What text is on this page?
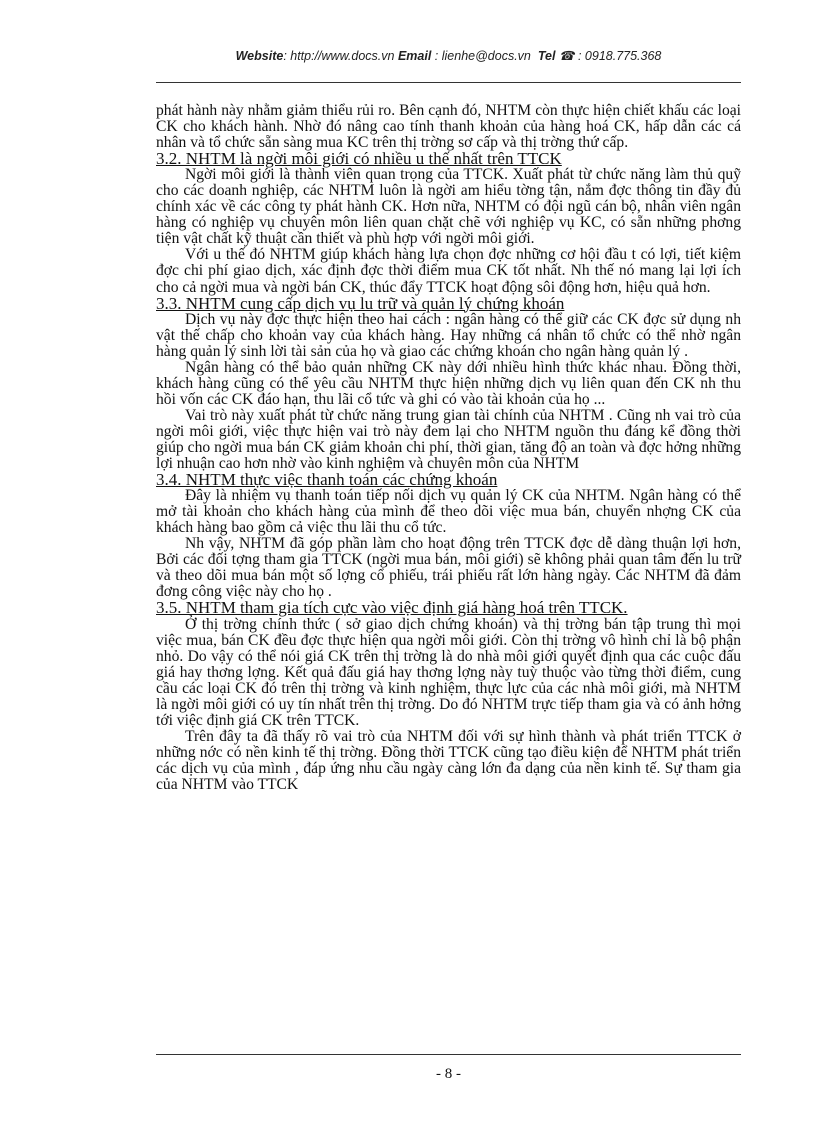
Website: http://www.docs.vn Email : lienhe@docs.vn Tel ☎ : 0918.775.368

phát hành này nhằm giảm thiểu rủi ro. Bên cạnh đó, NHTM còn thực hiện chiết khấu các loại CK cho khách hành. Nhờ đó nâng cao tính thanh khoản của hàng hoá CK, hấp dẫn các cá nhân và tổ chức sẵn sàng mua KC trên thị trờng sơ cấp và thị trờng thứ cấp.

3.2. NHTM là ngời môi giới có nhiều u thế nhất trên TTCK

Ngời môi giới là thành viên quan trọng của TTCK. Xuất phát từ chức năng làm thủ quỹ cho các doanh nghiệp, các NHTM luôn là ngời am hiểu tờng tận, nắm đợc thông tin đầy đủ chính xác về các công ty phát hành CK. Hơn nữa, NHTM có đội ngũ cán bộ, nhân viên ngân hàng có nghiệp vụ chuyên môn liên quan chặt chẽ với nghiệp vụ KC, có sẵn những phơng tiện vật chất kỹ thuật cần thiết và phù hợp với ngời môi giới.

Với u thế đó NHTM giúp khách hàng lựa chọn đợc những cơ hội đầu t có lợi, tiết kiệm đợc chi phí giao dịch, xác định đợc thời điểm mua CK tốt nhất. Nh thế nó mang lại lợi ích cho cả ngời mua và ngời bán CK, thúc đẩy TTCK hoạt động sôi động hơn, hiệu quả hơn.

3.3. NHTM cung cấp dịch vụ lu trữ và quản lý chứng khoán

Dịch vụ này đợc thực hiện theo hai cách : ngân hàng có thể giữ các CK đợc sử dụng nh vật thế chấp cho khoản vay của khách hàng. Hay những cá nhân tổ chức có thể nhờ ngân hàng quản lý sinh lời tài sản của họ và giao các chứng khoán cho ngân hàng quản lý .

Ngân hàng có thể bảo quản những CK này dới nhiều hình thức khác nhau. Đồng thời, khách hàng cũng có thể yêu cầu NHTM thực hiện những dịch vụ liên quan đến CK nh thu hồi vốn các CK đáo hạn, thu lãi cổ tức và ghi có vào tài khoản của họ ...

Vai trò này xuất phát từ chức năng trung gian tài chính của NHTM . Cũng nh vai trò của ngời môi giới, việc thực hiện vai trò này đem lại cho NHTM nguồn thu đáng kể đồng thời giúp cho ngời mua bán CK giảm khoản chi phí, thời gian, tăng độ an toàn và đợc hởng những lợi nhuận cao hơn nhờ vào kinh nghiệm và chuyên môn của NHTM

3.4. NHTM thực việc thanh toán các chứng khoán

Đây là nhiệm vụ thanh toán tiếp nối dịch vụ quản lý CK của NHTM. Ngân hàng có thể mở tài khoản cho khách hàng của mình để theo dõi việc mua bán, chuyển nhợng CK của khách hàng bao gồm cả việc thu lãi thu cổ tức.

Nh vậy, NHTM đã góp phần làm cho hoạt động trên TTCK đợc dễ dàng thuận lợi hơn, Bởi các đối tợng tham gia TTCK (ngời mua bán, môi giới) sẽ không phải quan tâm đến lu trữ và theo dõi mua bán một số lợng cổ phiếu, trái phiếu rất lớn hàng ngày. Các NHTM đã đảm đơng công việc này cho họ .

3.5. NHTM tham gia tích cực vào việc định giá hàng hoá trên TTCK.

Ở thị trờng chính thức ( sở giao dịch chứng khoán) và thị trờng bán tập trung thì mọi việc mua, bán CK đều đợc thực hiện qua ngời môi giới. Còn thị trờng vô hình chỉ là bộ phận nhỏ. Do vậy có thể nói giá CK trên thị trờng là do nhà môi giới quyết định qua các cuộc đấu giá hay thơng lợng. Kết quả đấu giá hay thơng lợng này tuỳ thuộc vào từng thời điểm, cung cầu các loại CK đó trên thị trờng và kinh nghiệm, thực lực của các nhà môi giới, mà NHTM là ngời môi giới có uy tín nhất trên thị trờng. Do đó NHTM trực tiếp tham gia và có ảnh hởng tới việc định giá CK trên TTCK.

Trên đây ta đã thấy rõ vai trò của NHTM đối với sự hình thành và phát triển TTCK ở những nớc có nền kinh tế thị trờng. Đồng thời TTCK cũng tạo điều kiện để NHTM phát triển các dịch vụ của mình , đáp ứng nhu cầu ngày càng lớn đa dạng của nền kinh tế. Sự tham gia của NHTM vào TTCK

- 8 -
